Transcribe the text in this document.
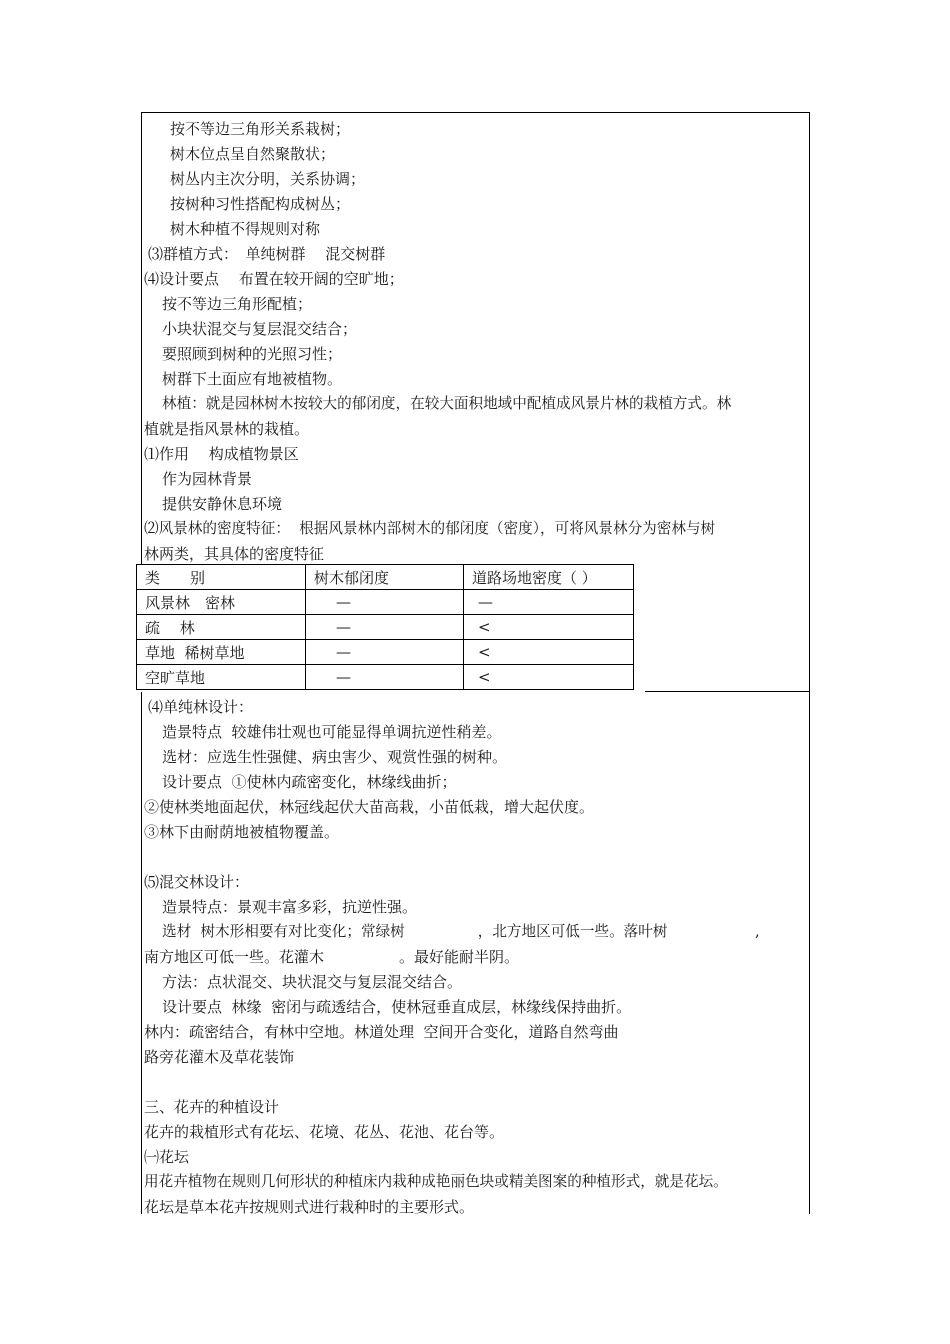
按不等边三角形关系栽树；
树木位点呈自然聚散状；
树丛内主次分明，关系协调；
按树种习性搭配构成树丛；
树木种植不得规则对称
⑶群植方式：　单纯树群　 混交树群
⑷设计要点　 布置在较开阔的空旷地；
按不等边三角形配植；
小块状混交与复层混交结合；
要照顾到树种的光照习性；
树群下土面应有地被植物。
林植：就是园林树木按较大的郁闭度，在较大面积地域中配植成风景片林的栽植方式。林
植就是指风景林的栽植。
⑴作用　 构成植物景区
作为园林背景
提供安静休息环境
⑵风景林的密度特征：  根据风景林内部树木的郁闭度（密度），可将风景林分为密林与树
林两类，其具体的密度特征
类　　别	树木郁闭度	道路场地密度（ ）
风景林　密林	—	—
疏　 林	—	<
草地  稀树草地	—	<
空旷草地	—	<
⑷单纯林设计：
造景特点  较雄伟壮观也可能显得单调抗逆性稍差。
选材：应选生性强健、病虫害少、观赏性强的树种。
设计要点  ①使林内疏密变化，林缘线曲折；
②使林类地面起伏，林冠线起伏大苗高栽，小苗低栽，增大起伏度。
③林下由耐荫地被植物覆盖。
⑸混交林设计：
造景特点：景观丰富多彩，抗逆性强。
选材  树木形相要有对比变化；常绿树　　　　　，北方地区可低一些。落叶树　　　　　　,
南方地区可低一些。花灌木　　　　　。最好能耐半阴。
方法：点状混交、块状混交与复层混交结合。
设计要点  林缘  密闭与疏透结合，使林冠垂直成层，林缘线保持曲折。
林内：疏密结合，有林中空地。林道处理  空间开合变化，道路自然弯曲
路旁花灌木及草花装饰
三、花卉的种植设计
花卉的栽植形式有花坛、花境、花丛、花池、花台等。
㈠花坛
用花卉植物在规则几何形状的种植床内栽种成艳丽色块或精美图案的种植形式，就是花坛。
花坛是草本花卉按规则式进行栽种时的主要形式。
